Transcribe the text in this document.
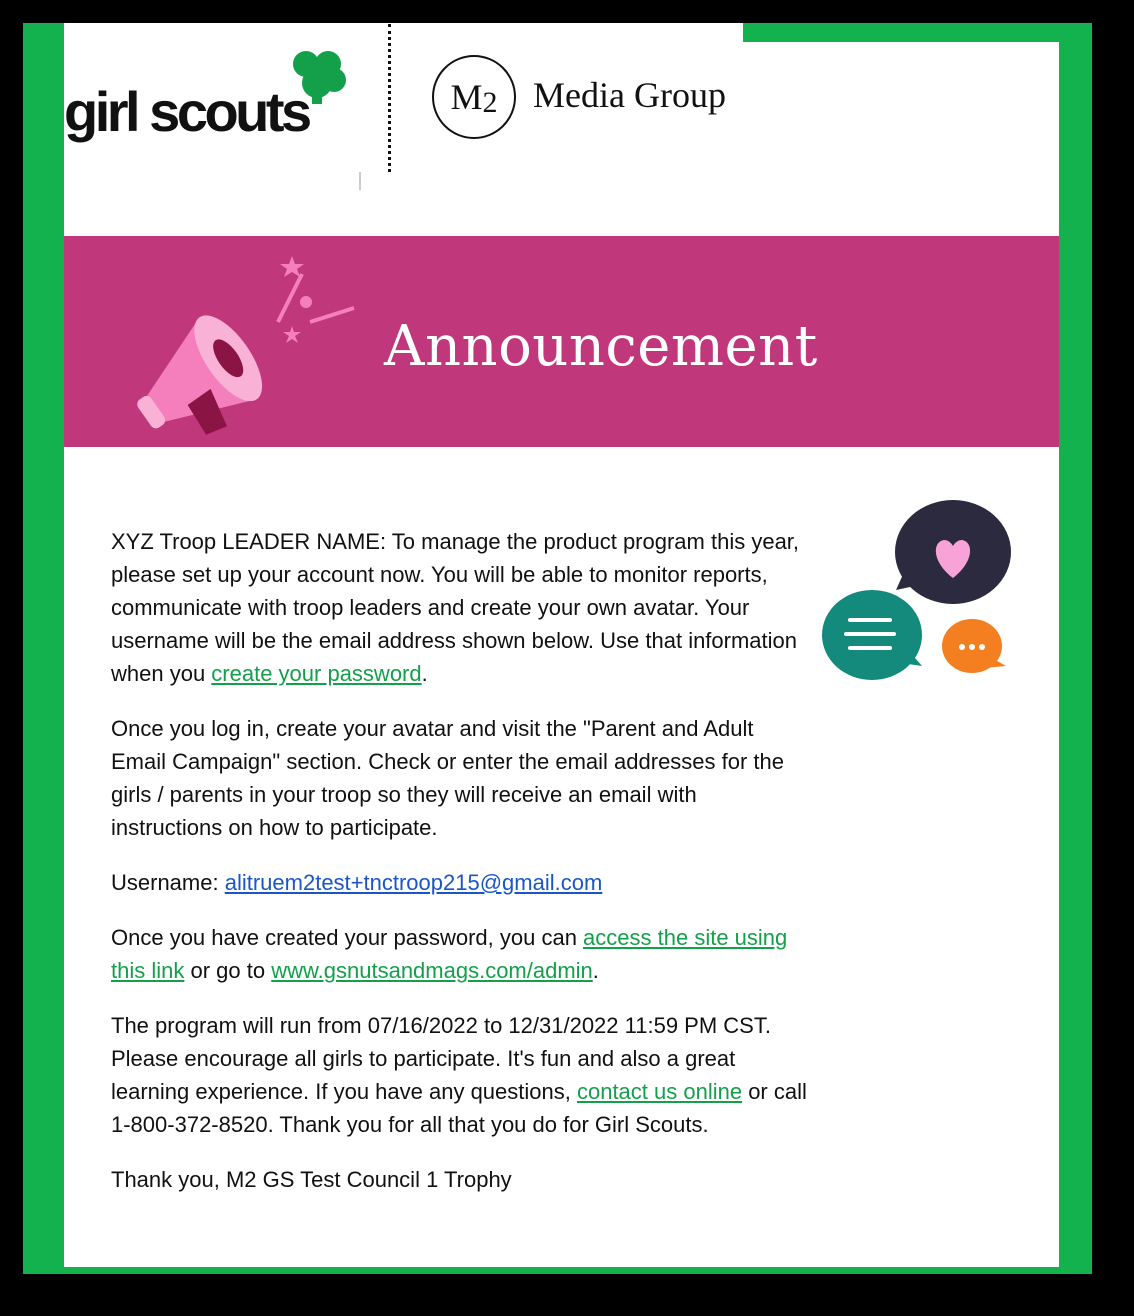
girl scouts	M 2 Media Group
Announcement

XYZ Troop LEADER NAME: To manage the product program this year, please set up your account now. You will be able to monitor reports, communicate with troop leaders and create your own avatar. Your username will be the email address shown below. Use that information when you create your password.

Once you log in, create your avatar and visit the "Parent and Adult Email Campaign" section. Check or enter the email addresses for the girls / parents in your troop so they will receive an email with instructions on how to participate.

Username: alitruem2test+tnctroop215@gmail.com

Once you have created your password, you can access the site using this link or go to www.gsnutsandmags.com/admin.

The program will run from 07/16/2022 to 12/31/2022 11:59 PM CST. Please encourage all girls to participate. It's fun and also a great learning experience. If you have any questions, contact us online or call 1-800-372-8520. Thank you for all that you do for Girl Scouts.

Thank you, M2 GS Test Council 1 Trophy
